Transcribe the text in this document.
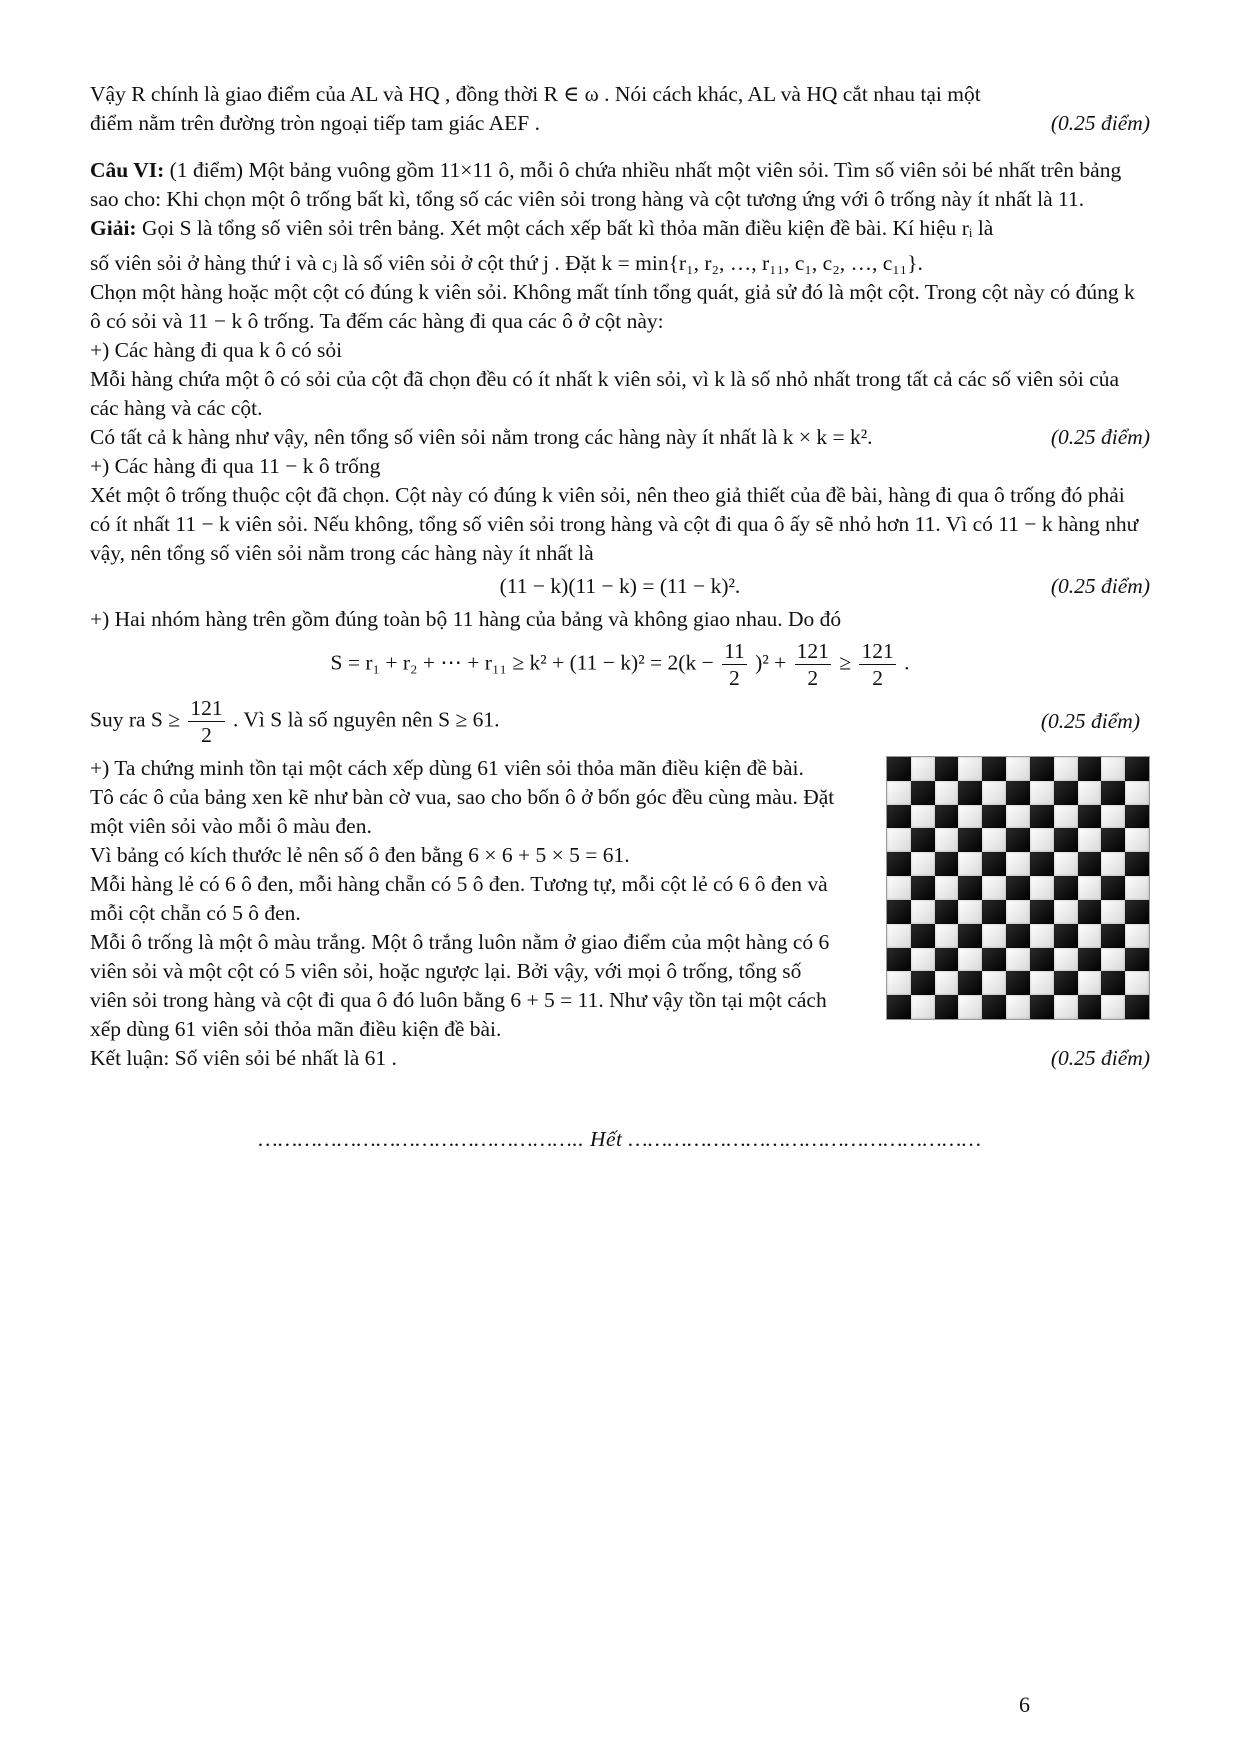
Vậy R chính là giao điểm của AL và HQ , đồng thời R ∈ ω . Nói cách khác, AL và HQ cắt nhau tại một

điểm nằm trên đường tròn ngoại tiếp tam giác AEF .	(0.25 điểm)

Câu VI: (1 điểm) Một bảng vuông gồm 11×11 ô, mỗi ô chứa nhiều nhất một viên sỏi. Tìm số viên sỏi bé nhất trên bảng sao cho: Khi chọn một ô trống bất kì, tổng số các viên sỏi trong hàng và cột tương ứng với ô trống này ít nhất là 11.

Giải: Gọi S là tổng số viên sỏi trên bảng. Xét một cách xếp bất kì thỏa mãn điều kiện đề bài. Kí hiệu rᵢ là

số viên sỏi ở hàng thứ i và cⱼ là số viên sỏi ở cột thứ j . Đặt k = min{r₁, r₂, …, r₁₁, c₁, c₂, …, c₁₁}.

Chọn một hàng hoặc một cột có đúng k viên sỏi. Không mất tính tổng quát, giả sử đó là một cột. Trong cột này có đúng k ô có sỏi và 11 − k ô trống. Ta đếm các hàng đi qua các ô ở cột này:

+) Các hàng đi qua k ô có sỏi

Mỗi hàng chứa một ô có sỏi của cột đã chọn đều có ít nhất k viên sỏi, vì k là số nhỏ nhất trong tất cả các số viên sỏi của các hàng và các cột.

Có tất cả k hàng như vậy, nên tổng số viên sỏi nằm trong các hàng này ít nhất là k × k = k².	(0.25 điểm)

+) Các hàng đi qua 11 − k ô trống

Xét một ô trống thuộc cột đã chọn. Cột này có đúng k viên sỏi, nên theo giả thiết của đề bài, hàng đi qua ô trống đó phải có ít nhất 11 − k viên sỏi. Nếu không, tổng số viên sỏi trong hàng và cột đi qua ô ấy sẽ nhỏ hơn 11. Vì có 11 − k hàng như vậy, nên tổng số viên sỏi nằm trong các hàng này ít nhất là

(11 − k)(11 − k) = (11 − k)².	(0.25 điểm)

+) Hai nhóm hàng trên gồm đúng toàn bộ 11 hàng của bảng và không giao nhau. Do đó

S = r₁ + r₂ + ⋯ + $r_{11} \ge k^2 + (11 - k)^2 = 2(k - \frac{11}{2} )^2 + \frac{121}{2} \ge \frac{121}{2}$ .
Suy ra $S \ge \frac{121}{2}$ . Vì S là số nguyên nên S ≥ 61.	(0.25 điểm)

+) Ta chứng minh tồn tại một cách xếp dùng 61 viên sỏi thỏa mãn điều kiện đề bài.

Tô các ô của bảng xen kẽ như bàn cờ vua, sao cho bốn ô ở bốn góc đều cùng màu. Đặt một viên sỏi vào mỗi ô màu đen.

Vì bảng có kích thước lẻ nên số ô đen bằng 6 × 6 + 5 × 5 = 61.

Mỗi hàng lẻ có 6 ô đen, mỗi hàng chẵn có 5 ô đen. Tương tự, mỗi cột lẻ có 6 ô đen và mỗi cột chẵn có 5 ô đen.

Mỗi ô trống là một ô màu trắng. Một ô trắng luôn nằm ở giao điểm của một hàng có 6 viên sỏi và một cột có 5 viên sỏi, hoặc ngược lại. Bởi vậy, với mọi ô trống, tổng số viên sỏi trong hàng và cột đi qua ô đó luôn bằng 6 + 5 = 11. Như vậy tồn tại một cách xếp dùng 61 viên sỏi thỏa mãn điều kiện đề bài.

Kết luận: Số viên sỏi bé nhất là 61 .	(0.25 điểm)
………………………………………….. Hết ………………………………………………
6
